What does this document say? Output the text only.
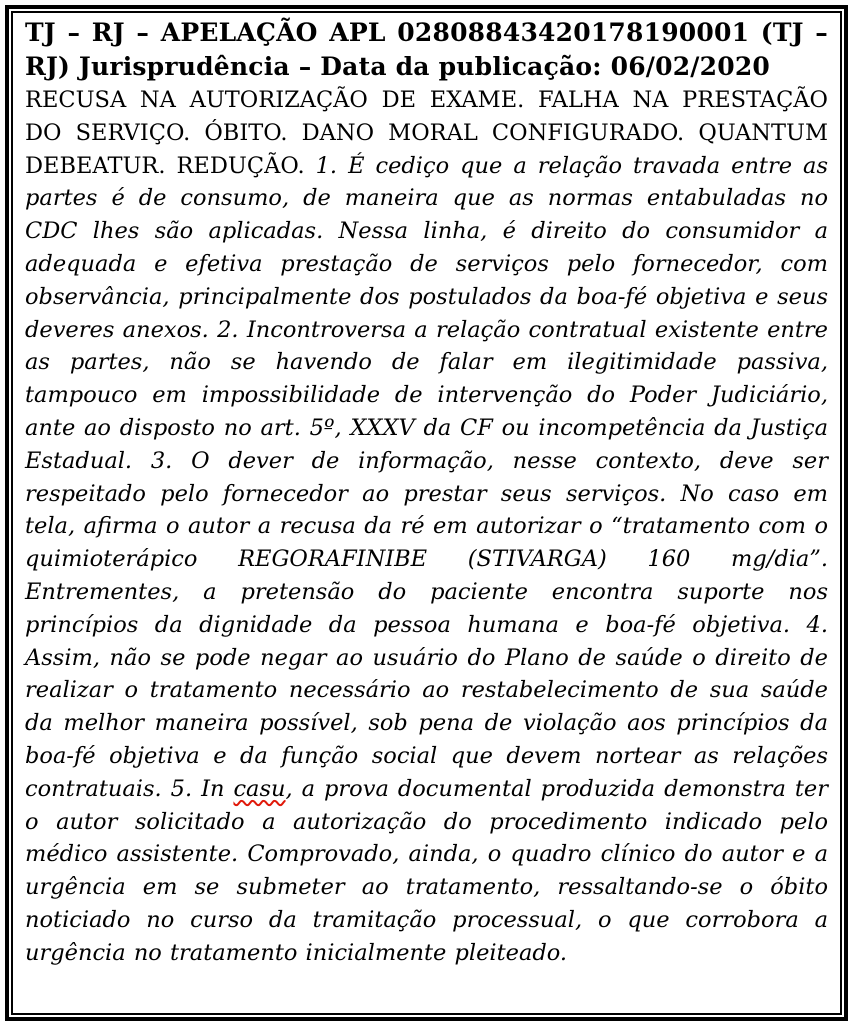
TJ – RJ – APELAÇÃO APL 02808843420178190001 (TJ – RJ) Jurisprudência – Data da publicação: 06/02/2020

RECUSA NA AUTORIZAÇÃO DE EXAME. FALHA NA PRESTAÇÃO DO SERVIÇO. ÓBITO. DANO MORAL CONFIGURADO. QUANTUM DEBEATUR. REDUÇÃO. 1. É cediço que a relação travada entre as partes é de consumo, de maneira que as normas entabuladas no CDC lhes são aplicadas. Nessa linha, é direito do consumidor a adequada e efetiva prestação de serviços pelo fornecedor, com observância, principalmente dos postulados da boa-fé objetiva e seus deveres anexos. 2. Incontroversa a relação contratual existente entre as partes, não se havendo de falar em ilegitimidade passiva, tampouco em impossibilidade de intervenção do Poder Judiciário, ante ao disposto no art. 5º, XXXV da CF ou incompetência da Justiça Estadual. 3. O dever de informação, nesse contexto, deve ser respeitado pelo fornecedor ao prestar seus serviços. No caso em tela, afirma o autor a recusa da ré em autorizar o “tratamento com o quimioterápico REGORAFINIBE (STIVARGA) 160 mg/dia”. Entrementes, a pretensão do paciente encontra suporte nos princípios da dignidade da pessoa humana e boa-fé objetiva. 4. Assim, não se pode negar ao usuário do Plano de saúde o direito de realizar o tratamento necessário ao restabelecimento de sua saúde da melhor maneira possível, sob pena de violação aos princípios da boa-fé objetiva e da função social que devem nortear as relações contratuais. 5. In casu, a prova documental produzida demonstra ter o autor solicitado a autorização do procedimento indicado pelo médico assistente. Comprovado, ainda, o quadro clínico do autor e a urgência em se submeter ao tratamento, ressaltando-se o óbito noticiado no curso da tramitação processual, o que corrobora a urgência no tratamento inicialmente pleiteado.
